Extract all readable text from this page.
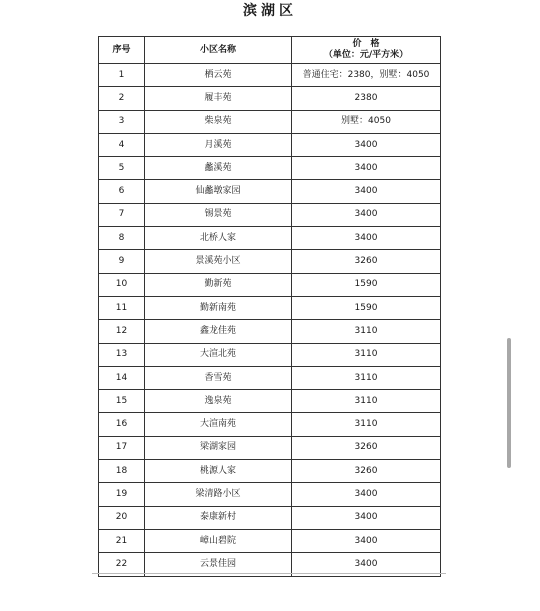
滨湖区
序号	小区名称	价　格
（单位：元/平方米）

1	栖云苑	普通住宅：2380，别墅：4050
2	履丰苑	2380
3	柴泉苑	别墅：4050
4	月溪苑	3400
5	蠡溪苑	3400
6	仙蠡墩家园	3400
7	锡景苑	3400
8	北桥人家	3400
9	景溪苑小区	3260
10	勤新苑	1590
11	勤新南苑	1590
12	鑫龙佳苑	3110
13	大渲北苑	3110
14	香雪苑	3110
15	逸泉苑	3110
16	大渲南苑	3110
17	梁湖家园	3260
18	桃源人家	3260
19	梁清路小区	3400
20	泰康新村	3400
21	嶂山碧院	3400
22	云景佳园	3400
